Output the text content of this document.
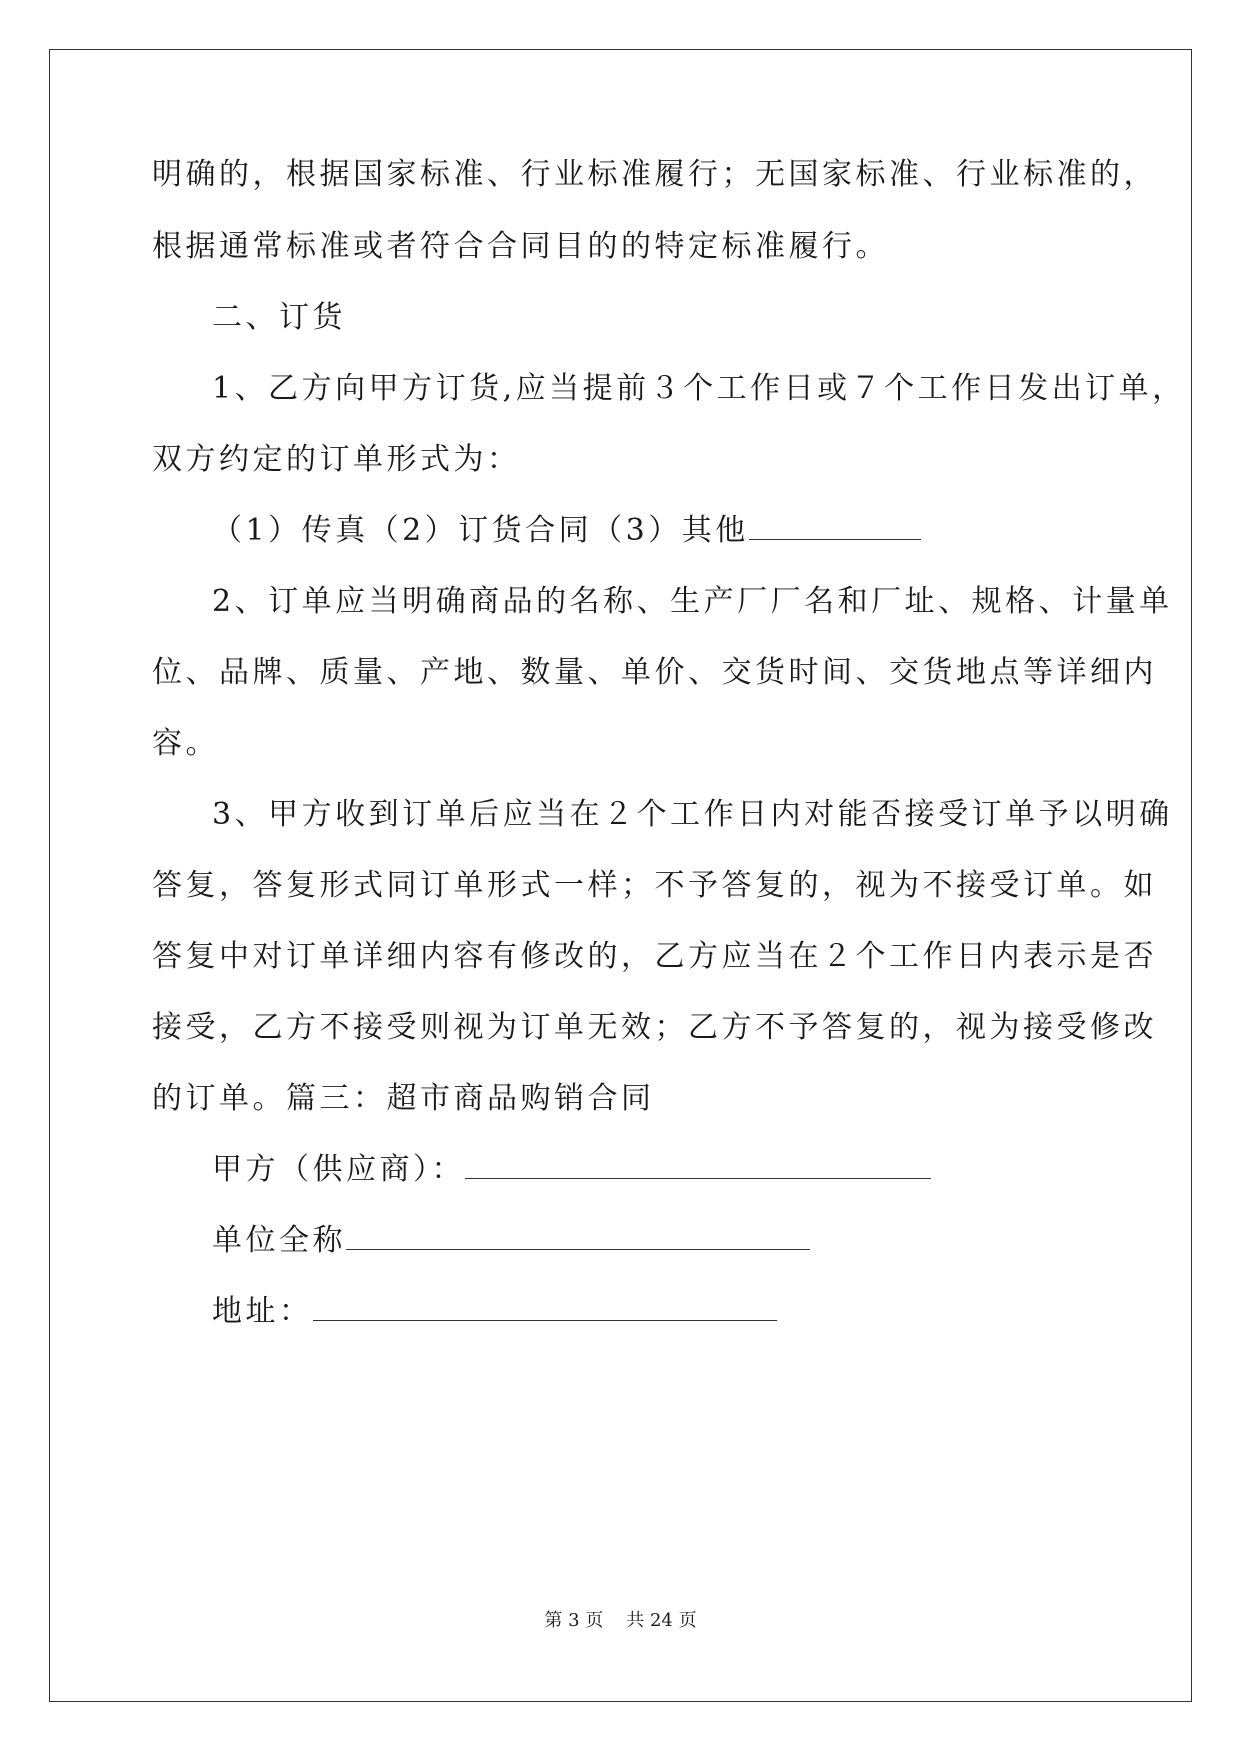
明确的，根据国家标准、行业标准履行；无国家标准、行业标准的，
根据通常标准或者符合合同目的的特定标准履行。
二、订货
1、乙方向甲方订货,应当提前３个工作日或７个工作日发出订单，
双方约定的订单形式为：
（1）传真（2）订货合同（3）其他
2、订单应当明确商品的名称、生产厂厂名和厂址、规格、计量单
位、品牌、质量、产地、数量、单价、交货时间、交货地点等详细内
容。
3、甲方收到订单后应当在２个工作日内对能否接受订单予以明确
答复，答复形式同订单形式一样；不予答复的，视为不接受订单。如
答复中对订单详细内容有修改的，乙方应当在２个工作日内表示是否
接受，乙方不接受则视为订单无效；乙方不予答复的，视为接受修改
的订单。篇三：超市商品购销合同
甲方（供应商）：
单位全称
地址：
第 3 页 共 24 页
